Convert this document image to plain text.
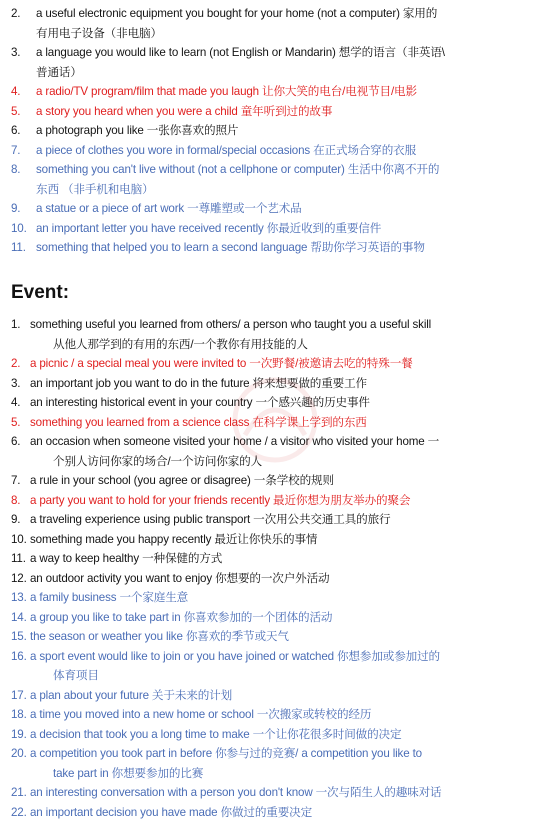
2.	a useful electronic equipment you bought for your home (not a computer) 家用的
有用电子设备（非电脑）
3.	a language you would like to learn (not English or Mandarin) 想学的语言（非英语\
普通话）
4.	a radio/TV program/film that made you laugh 让你大笑的电台/电视节目/电影
5.	a story you heard when you were a child 童年听到过的故事
6.	a photograph you like 一张你喜欢的照片
7.	a piece of clothes you wore in formal/special occasions 在正式场合穿的衣服
8.	something you can't live without (not a cellphone or computer) 生活中你离不开的
东西 （非手机和电脑）
9.	a statue or a piece of art work 一尊雕塑或一个艺术品
10. an important letter you have received recently 你最近收到的重要信件
11. something that helped you to learn a second language 帮助你学习英语的事物
Event:
1. something useful you learned from others/ a person who taught you a useful skill
从他人那学到的有用的东西/一个教你有用技能的人
2. a picnic / a special meal you were invited to 一次野餐/被邀请去吃的特殊一餐
3. an important job you want to do in the future 将来想要做的重要工作
4. an interesting historical event in your country 一个感兴趣的历史事件
5. something you learned from a science class 在科学课上学到的东西
6. an occasion when someone visited your home / a visitor who visited your home 一
个别人访问你家的场合/一个访问你家的人
7. a rule in your school (you agree or disagree) 一条学校的规则
8. a party you want to hold for your friends recently 最近你想为朋友举办的聚会
9. a traveling experience using public transport 一次用公共交通工具的旅行
10. something made you happy recently 最近让你快乐的事情
11. a way to keep healthy 一种保健的方式
12. an outdoor activity you want to enjoy 你想要的一次户外活动
13. a family business 一个家庭生意
14. a group you like to take part in 你喜欢参加的一个团体的活动
15. the season or weather you like 你喜欢的季节或天气
16. a sport event would like to join or you have joined or watched 你想参加或参加过的
体育项目
17. a plan about your future 关于未来的计划
18. a time you moved into a new home or school 一次搬家或转校的经历
19. a decision that took you a long time to make 一个让你花很多时间做的决定
20. a competition you took part in before 你参与过的竞赛/ a competition you like to
take part in 你想要参加的比赛
21. an interesting conversation with a person you don't know 一次与陌生人的趣味对话
22. an important decision you have made 你做过的重要决定
